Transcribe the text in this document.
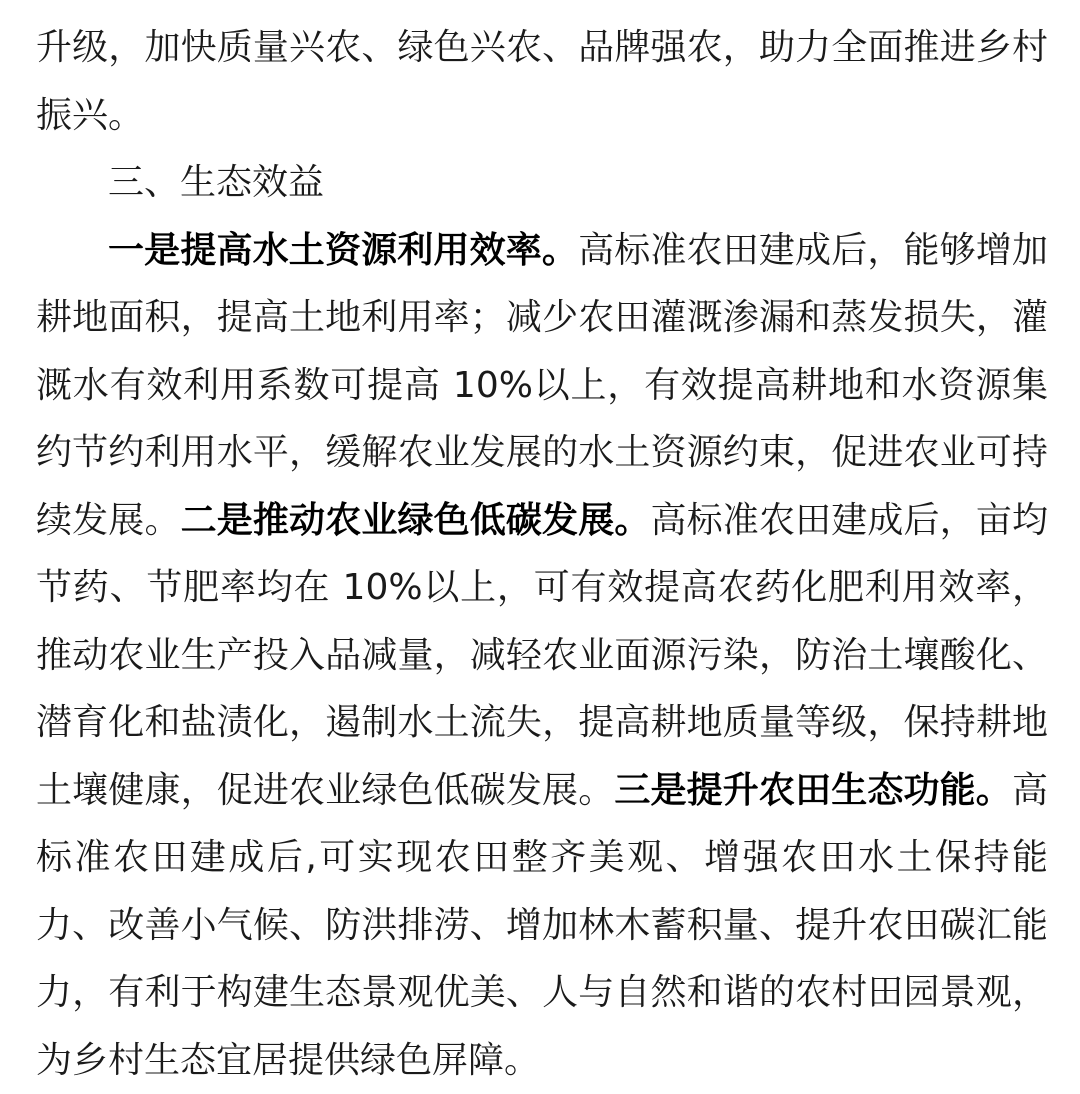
升级，加快质量兴农、绿色兴农、品牌强农，助力全面推进乡村振兴。

三、生态效益

一是提高水土资源利用效率。高标准农田建成后，能够增加耕地面积，提高土地利用率；减少农田灌溉渗漏和蒸发损失，灌溉水有效利用系数可提高 10%以上，有效提高耕地和水资源集约节约利用水平，缓解农业发展的水土资源约束，促进农业可持续发展。二是推动农业绿色低碳发展。高标准农田建成后，亩均节药、节肥率均在 10%以上，可有效提高农药化肥利用效率，推动农业生产投入品减量，减轻农业面源污染，防治土壤酸化、潜育化和盐渍化，遏制水土流失，提高耕地质量等级，保持耕地土壤健康，促进农业绿色低碳发展。三是提升农田生态功能。高标准农田建成后,可实现农田整齐美观、增强农田水土保持能力、改善小气候、防洪排涝、增加林木蓄积量、提升农田碳汇能力，有利于构建生态景观优美、人与自然和谐的农村田园景观，为乡村生态宜居提供绿色屏障。
